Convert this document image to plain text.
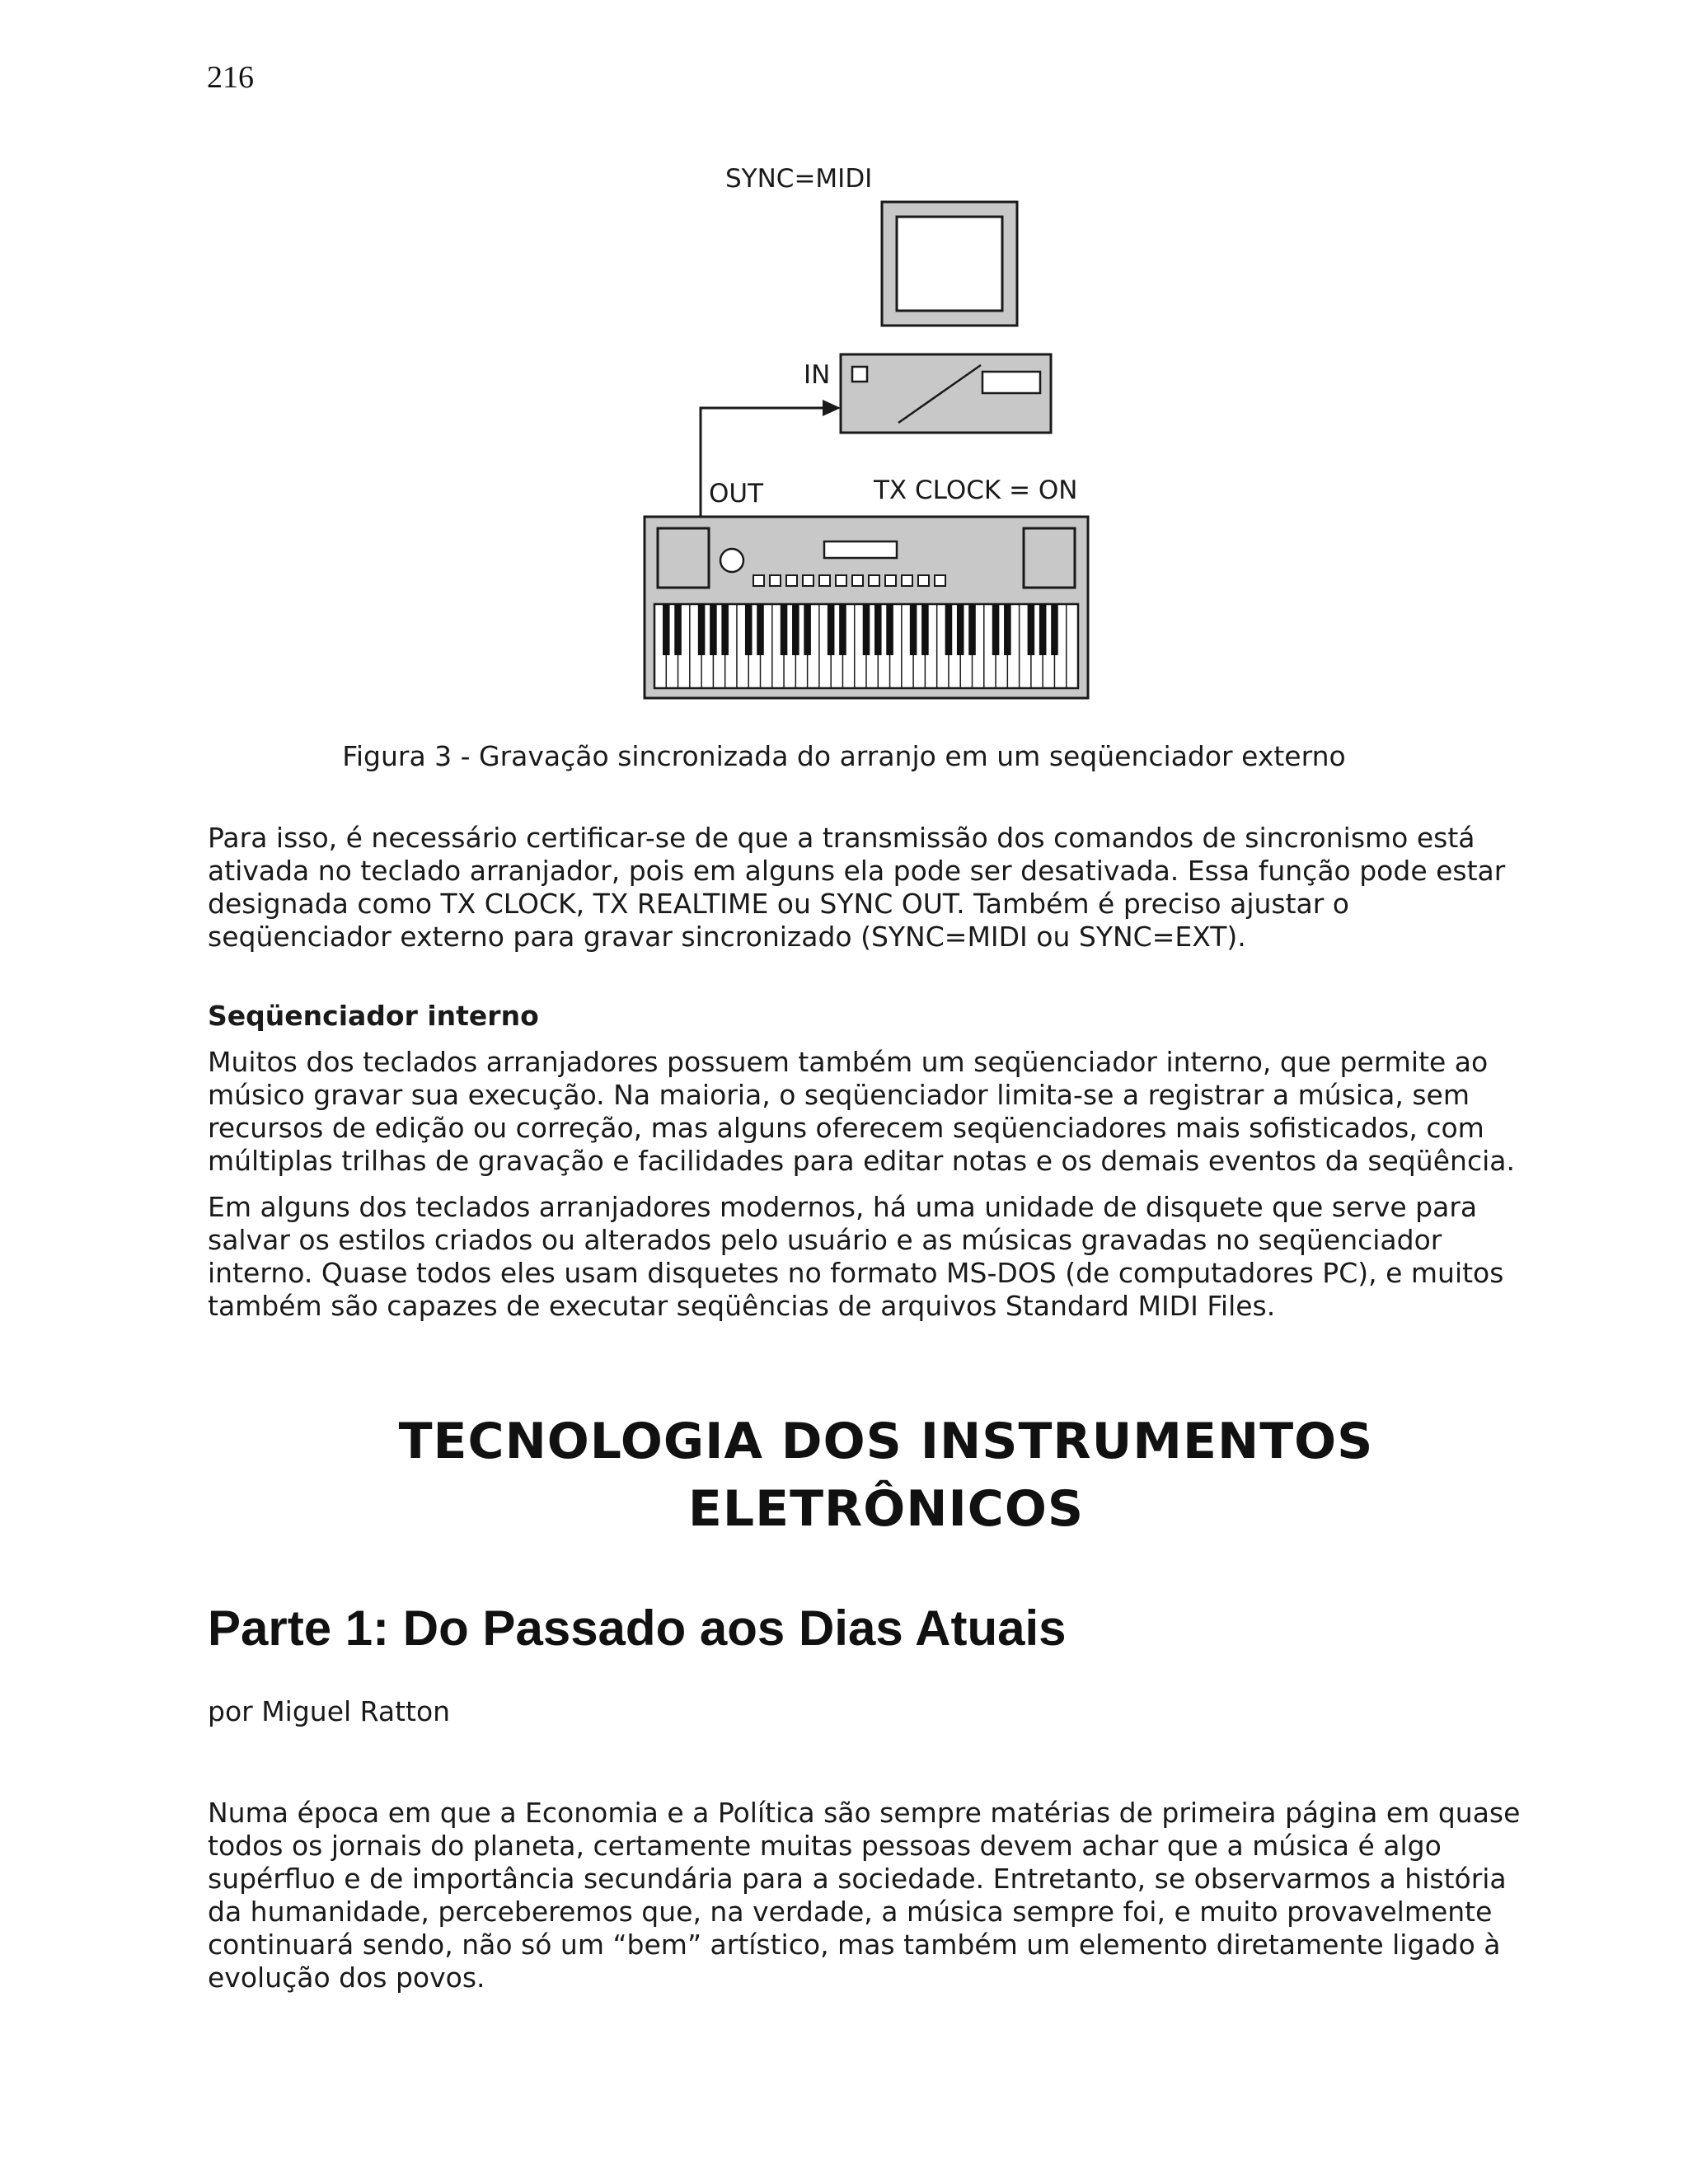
216

SYNC=MIDI
IN
OUT	TX CLOCK = ON

Figura 3 - Gravação sincronizada do arranjo em um seqüenciador externo

Para isso, é necessário certificar-se de que a transmissão dos comandos de sincronismo está ativada no teclado arranjador, pois em alguns ela pode ser desativada. Essa função pode estar designada como TX CLOCK, TX REALTIME ou SYNC OUT. Também é preciso ajustar o seqüenciador externo para gravar sincronizado (SYNC=MIDI ou SYNC=EXT).

Seqüenciador interno

Muitos dos teclados arranjadores possuem também um seqüenciador interno, que permite ao músico gravar sua execução. Na maioria, o seqüenciador limita-se a registrar a música, sem recursos de edição ou correção, mas alguns oferecem seqüenciadores mais sofisticados, com múltiplas trilhas de gravação e facilidades para editar notas e os demais eventos da seqüência.

Em alguns dos teclados arranjadores modernos, há uma unidade de disquete que serve para salvar os estilos criados ou alterados pelo usuário e as músicas gravadas no seqüenciador interno. Quase todos eles usam disquetes no formato MS-DOS (de computadores PC), e muitos também são capazes de executar seqüências de arquivos Standard MIDI Files.

TECNOLOGIA DOS INSTRUMENTOS
ELETRÔNICOS
Parte 1: Do Passado aos Dias Atuais

por Miguel Ratton

Numa época em que a Economia e a Política são sempre matérias de primeira página em quase todos os jornais do planeta, certamente muitas pessoas devem achar que a música é algo supérfluo e de importância secundária para a sociedade. Entretanto, se observarmos a história da humanidade, perceberemos que, na verdade, a música sempre foi, e muito provavelmente continuará sendo, não só um “bem” artístico, mas também um elemento diretamente ligado à evolução dos povos.
